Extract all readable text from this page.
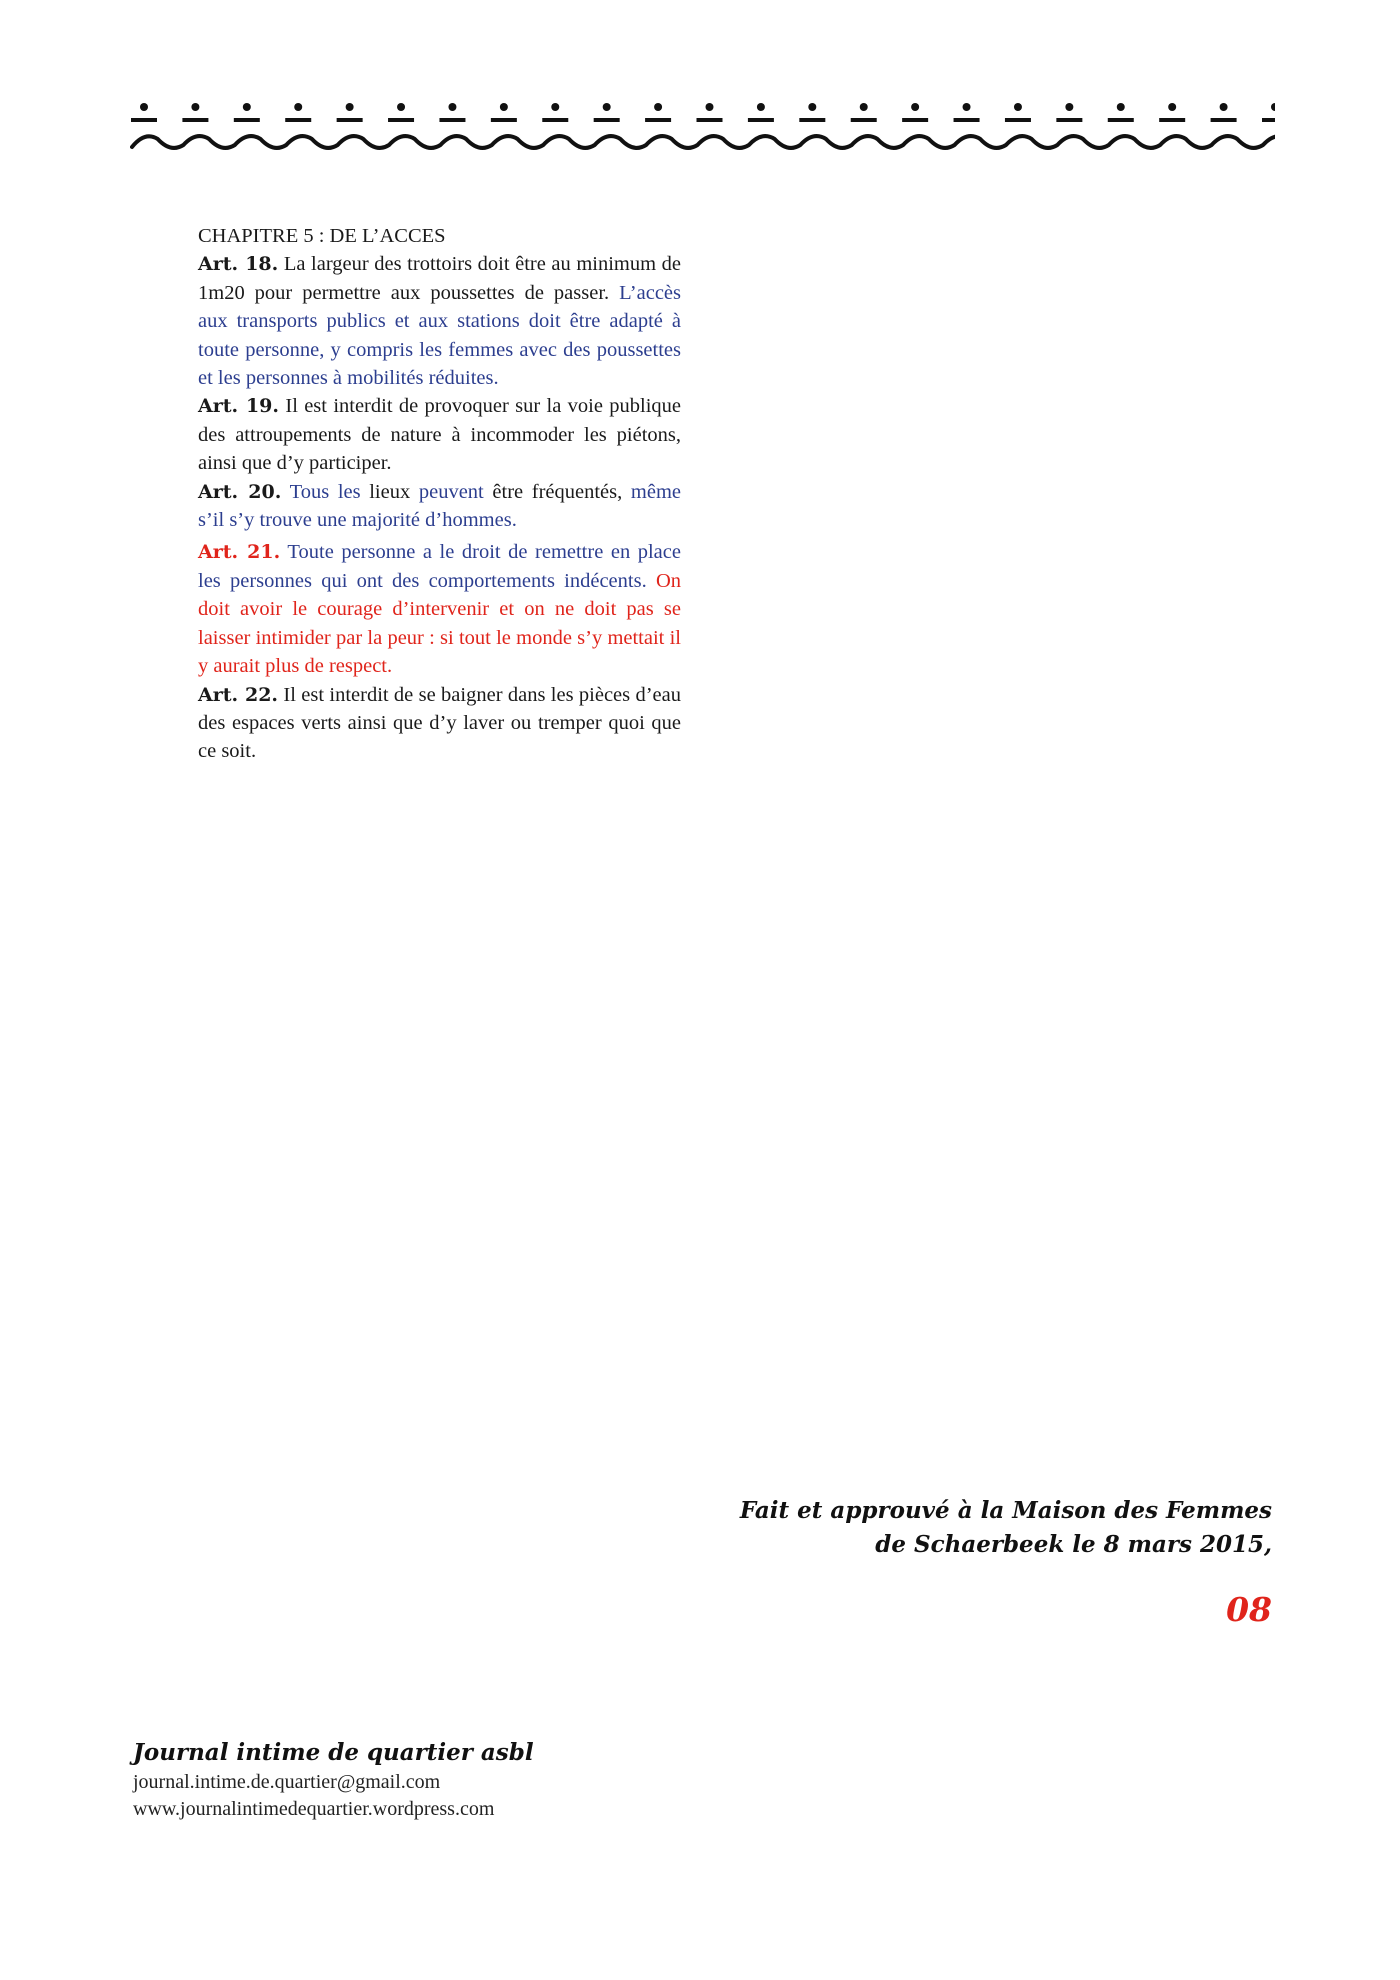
CHAPITRE 5 : DE L’ACCES

Art. 18. La largeur des trottoirs doit être au minimum de 1m20 pour permettre aux poussettes de passer. L’accès aux transports publics et aux stations doit être adapté à toute personne, y compris les femmes avec des poussettes et les personnes à mobilités réduites.

Art. 19. Il est interdit de provoquer sur la voie publique des attroupements de nature à incommoder les piétons, ainsi que d’y participer.

Art. 20. Tous les lieux peuvent être fréquentés, même s’il s’y trouve une majorité d’hommes.

Art. 21. Toute personne a le droit de remettre en place les personnes qui ont des comportements indécents. On doit avoir le courage d’intervenir et on ne doit pas se laisser intimider par la peur : si tout le monde s’y mettait il y aurait plus de respect.

Art. 22. Il est interdit de se baigner dans les pièces d’eau des espaces verts ainsi que d’y laver ou tremper quoi que ce soit.

Fait et approuvé à la Maison des Femmes
de Schaerbeek le 8 mars 2015,
08
Journal intime de quartier asbl
journal.intime.de.quartier@gmail.com
www.journalintimedequartier.wordpress.com
